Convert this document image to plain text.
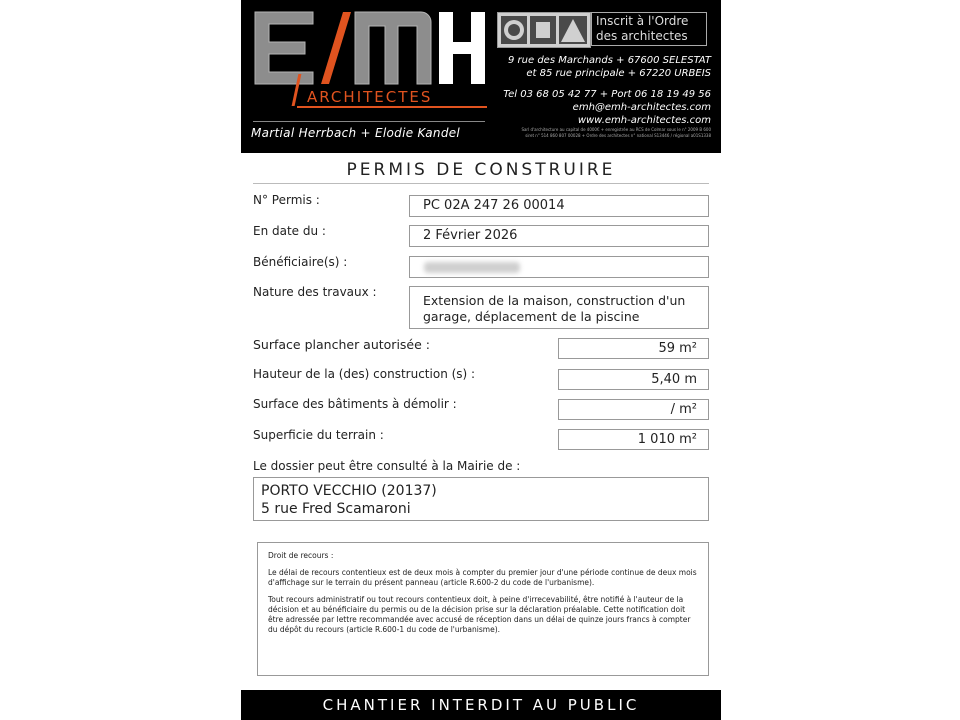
ARCHITECTES
Martial Herrbach + Elodie Kandel
Inscrit à l'Ordre
des architectes
9 rue des Marchands + 67600 SELESTAT
et 85 rue principale + 67220 URBEIS
Tel 03 68 05 42 77 + Port 06 18 19 49 56
emh@emh-architectes.com
www.emh-architectes.com
Sarl d'architecture au capital de 4000€ + enregistrée au RCS de Colmar sous le n° 2009 B 600
siret n° 514 860 807 00028 + Ordre des architectes n° national S13446 / régional a01S1338
PERMIS DE CONSTRUIRE
N° Permis :	PC 02A 247 26 00014
En date du :	2 Février 2026
Bénéficiaire(s) :
Nature des travaux :
Extension de la maison, construction d'un
garage, déplacement de la piscine
Surface plancher autorisée :	59 m²
Hauteur de la (des) construction (s) :	5,40 m
Surface des bâtiments à démolir :	/ m²
Superficie du terrain :	1 010 m²
Le dossier peut être consulté à la Mairie de :
PORTO VECCHIO (20137)
5 rue Fred Scamaroni

Droit de recours :

Le délai de recours contentieux est de deux mois à compter du premier jour d'une période continue de deux mois d'affichage sur le terrain du présent panneau (article R.600-2 du code de l'urbanisme).

Tout recours administratif ou tout recours contentieux doit, à peine d'irrecevabilité, être notifié à l'auteur de la décision et au bénéficiaire du permis ou de la décision prise sur la déclaration préalable. Cette notification doit être adressée par lettre recommandée avec accusé de réception dans un délai de quinze jours francs à compter du dépôt du recours (article R.600-1 du code de l'urbanisme).

CHANTIER INTERDIT AU PUBLIC
